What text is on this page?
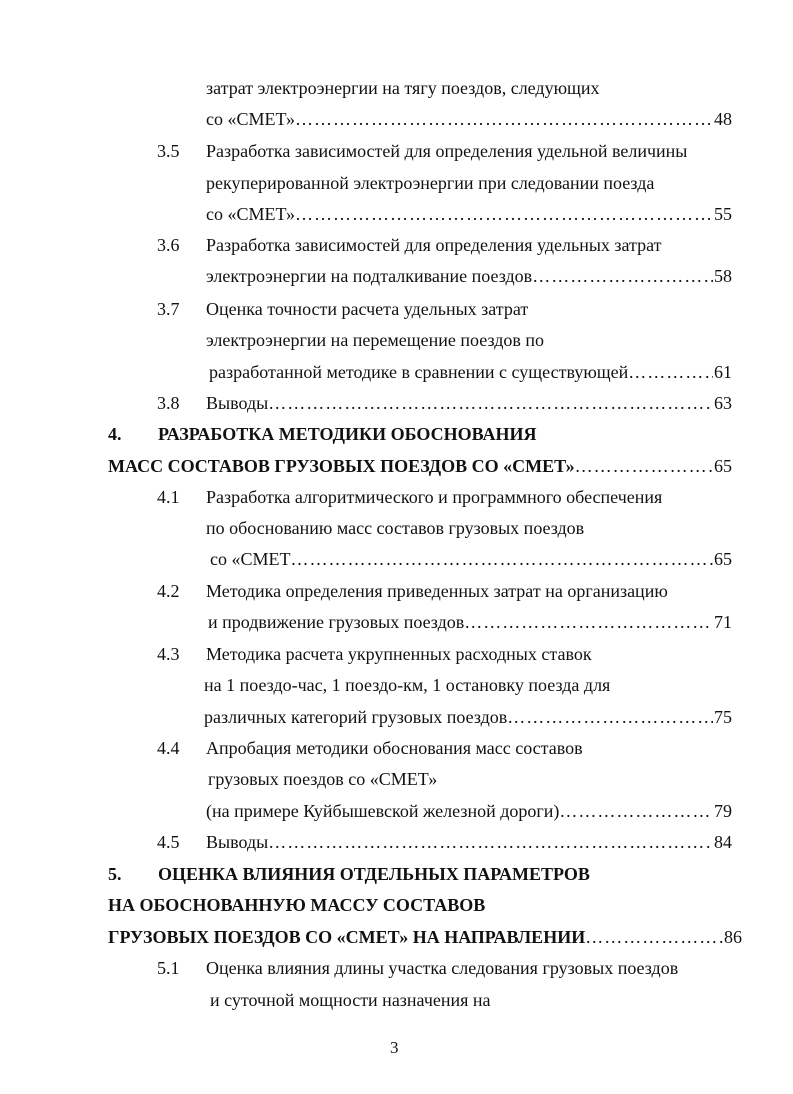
затрат электроэнергии на тягу поездов, следующих
со «СМЕТ» ………………………………………………………………………………………………………………………………………………………………………………	48
3.5 Разработка зависимостей для определения удельной величины
рекуперированной электроэнергии при следовании поезда
со «СМЕТ» ………………………………………………………………………………………………………………………………………………………………………………	55
3.6 Разработка зависимостей для определения удельных затрат
электроэнергии на подталкивание поездов ………………………………………………………………………………………………………………………………………………………………………………	58
3.7 Оценка точности расчета удельных затрат
электроэнергии на перемещение поездов по
разработанной методике в сравнении с существующей ………………………………………………………………………………………………………………………………………………………………………………	61
3.8 Выводы ………………………………………………………………………………………………………………………………………………………………………………	63
4. РАЗРАБОТКА МЕТОДИКИ ОБОСНОВАНИЯ
МАСС СОСТАВОВ ГРУЗОВЫХ ПОЕЗДОВ СО «СМЕТ» ………………………………………………………………………………………………………………………………………………………………………………	65
4.1 Разработка алгоритмического и программного обеспечения
по обоснованию масс составов грузовых поездов
со «СМЕТ ………………………………………………………………………………………………………………………………………………………………………………	65
4.2 Методика определения приведенных затрат на организацию
и продвижение грузовых поездов ………………………………………………………………………………………………………………………………………………………………………………	71
4.3 Методика расчета укрупненных расходных ставок
на 1 поездо-час, 1 поездо-км, 1 остановку поезда для
различных категорий грузовых поездов ………………………………………………………………………………………………………………………………………………………………………………	75
4.4 Апробация методики обоснования масс составов
грузовых поездов со «СМЕТ»
(на примере Куйбышевской железной дороги) ………………………………………………………………………………………………………………………………………………………………………………	79
4.5 Выводы ………………………………………………………………………………………………………………………………………………………………………………	84
5. ОЦЕНКА ВЛИЯНИЯ ОТДЕЛЬНЫХ ПАРАМЕТРОВ
НА ОБОСНОВАННУЮ МАССУ СОСТАВОВ
ГРУЗОВЫХ ПОЕЗДОВ СО «СМЕТ» НА НАПРАВЛЕНИИ ………………………………………………………………………………………………………………………………………………………………………………	86
5.1 Оценка влияния длины участка следования грузовых поездов
и суточной мощности назначения на
3
